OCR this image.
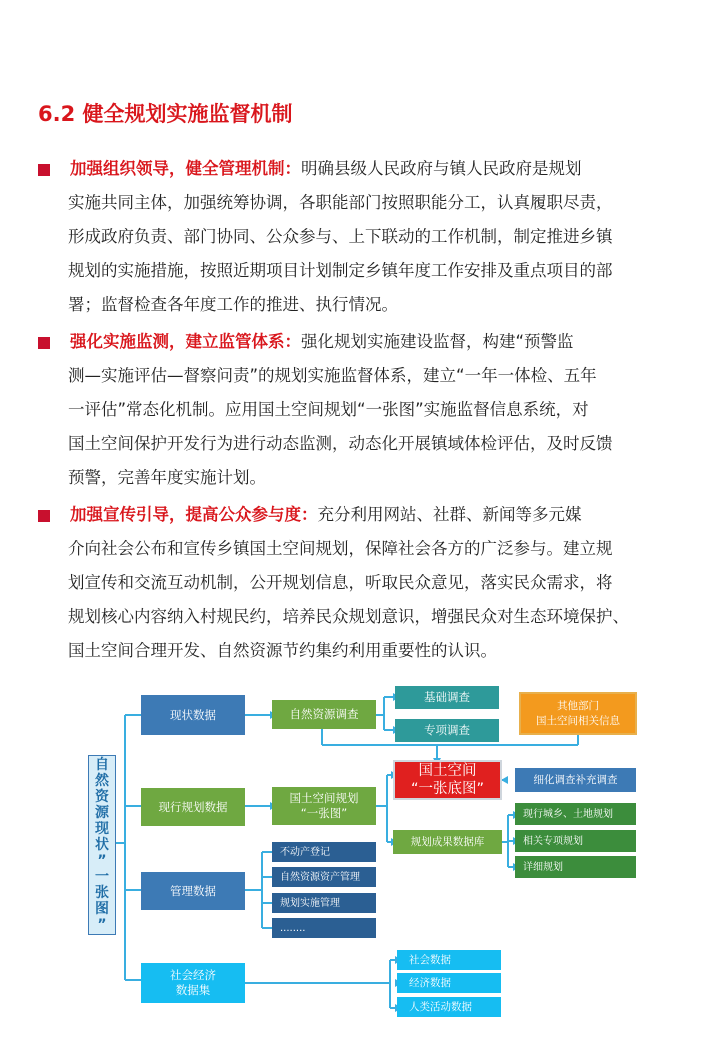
6.2 健全规划实施监督机制
加强组织领导，健全管理机制：明确县级人民政府与镇人民政府是规划
实施共同主体，加强统筹协调，各职能部门按照职能分工，认真履职尽责，
形成政府负责、部门协同、公众参与、上下联动的工作机制，制定推进乡镇
规划的实施措施，按照近期项目计划制定乡镇年度工作安排及重点项目的部
署；监督检查各年度工作的推进、执行情况。
强化实施监测，建立监管体系：强化规划实施建设监督，构建“预警监
测—实施评估—督察问责”的规划实施监督体系，建立“一年一体检、五年
一评估”常态化机制。应用国土空间规划“一张图”实施监督信息系统，对
国土空间保护开发行为进行动态监测，动态化开展镇域体检评估，及时反馈
预警，完善年度实施计划。
加强宣传引导，提高公众参与度：充分利用网站、社群、新闻等多元媒
介向社会公布和宣传乡镇国土空间规划，保障社会各方的广泛参与。建立规
划宣传和交流互动机制，公开规划信息，听取民众意见，落实民众需求，将
规划核心内容纳入村规民约，培养民众规划意识，增强民众对生态环境保护、
国土空间合理开发、自然资源节约集约利用重要性的认识。
自
然
资
源
现
状
”
一
张
图
”
现状数据	自然资源调查
基础调查
专项调查
其他部门
国土空间相关信息
国土空间
“一张底图”
细化调查补充调查
现行规划数据
国土空间规划
“一张图”
规划成果数据库
现行城乡、土地规划
相关专项规划
详细规划
管理数据
不动产登记
自然资源资产管理
规划实施管理
........
社会经济
数据集
社会数据
经济数据
人类活动数据
